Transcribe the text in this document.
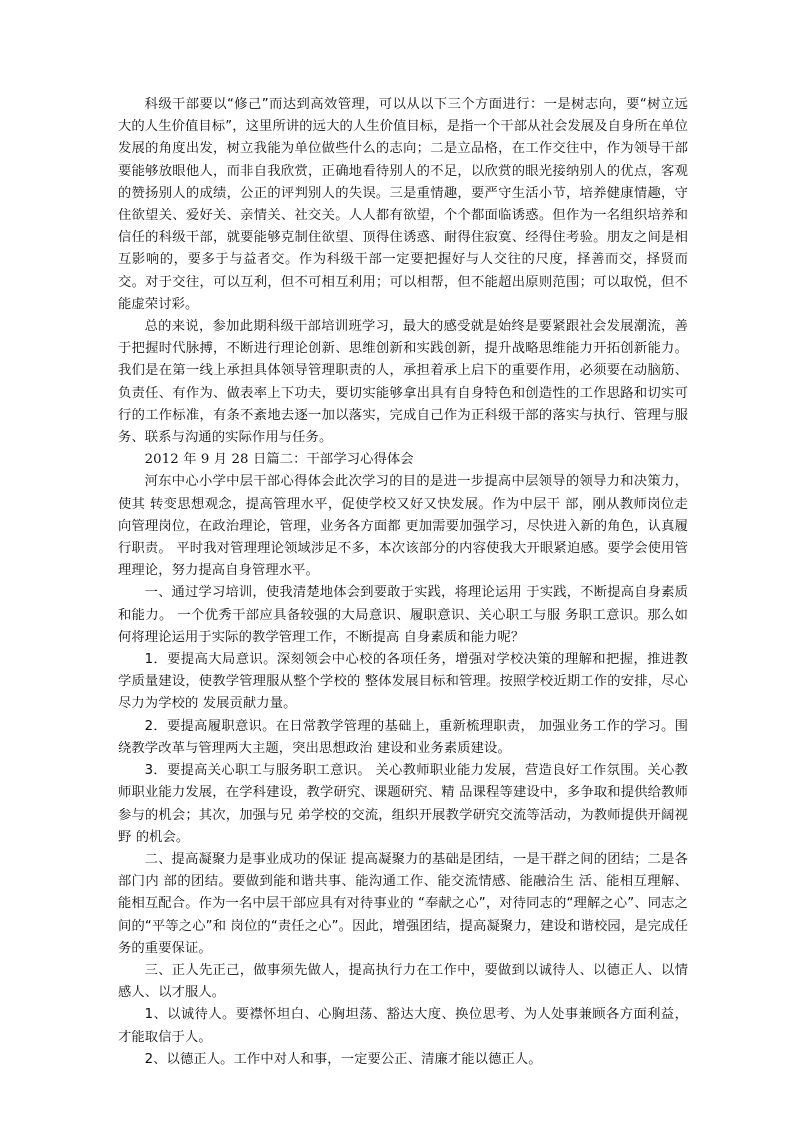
科级干部要以“修己”而达到高效管理，可以从以下三个方面进行：一是树志向，要“树立远大的人生价值目标”，这里所讲的远大的人生价值目标，是指一个干部从社会发展及自身所在单位发展的角度出发，树立我能为单位做些什么的志向；二是立品格，在工作交往中，作为领导干部要能够放眼他人，而非自我欣赏，正确地看待别人的不足，以欣赏的眼光接纳别人的优点，客观的赞扬别人的成绩，公正的评判别人的失误。三是重情趣，要严守生活小节，培养健康情趣，守住欲望关、爱好关、亲情关、社交关。人人都有欲望，个个都面临诱惑。但作为一名组织培养和信任的科级干部，就要能够克制住欲望、顶得住诱惑、耐得住寂寞、经得住考验。朋友之间是相互影响的，要多于与益者交。作为科级干部一定要把握好与人交往的尺度，择善而交，择贤而交。对于交往，可以互利，但不可相互利用；可以相帮，但不能超出原则范围；可以取悦，但不能虚荣讨彩。

总的来说，参加此期科级干部培训班学习，最大的感受就是始终是要紧跟社会发展潮流，善于把握时代脉搏，不断进行理论创新、思维创新和实践创新，提升战略思维能力开拓创新能力。我们是在第一线上承担具体领导管理职责的人，承担着承上启下的重要作用，必须要在动脑筋、负责任、有作为、做表率上下功夫，要切实能够拿出具有自身特色和创造性的工作思路和切实可行的工作标准，有条不紊地去逐一加以落实，完成自己作为正科级干部的落实与执行、管理与服务、联系与沟通的实际作用与任务。

2012 年 9 月 28 日篇二：干部学习心得体会

河东中心小学中层干部心得体会此次学习的目的是进一步提高中层领导的领导力和决策力，使其 转变思想观念，提高管理水平，促使学校又好又快发展。作为中层干 部，刚从教师岗位走向管理岗位，在政治理论，管理，业务各方面都 更加需要加强学习，尽快进入新的角色，认真履行职责。 平时我对管理理论领域涉足不多，本次该部分的内容使我大开眼紧迫感。要学会使用管理理论，努力提高自身管理水平。

一、通过学习培训，使我清楚地体会到要敢于实践，将理论运用 于实践，不断提高自身素质和能力。 一个优秀干部应具备较强的大局意识、履职意识、关心职工与服 务职工意识。那么如何将理论运用于实际的教学管理工作，不断提高 自身素质和能力呢？

1．要提高大局意识。深刻领会中心校的各项任务，增强对学校决策的理解和把握，推进教学质量建设，使教学管理服从整个学校的 整体发展目标和管理。按照学校近期工作的安排，尽心尽力为学校的 发展贡献力量。

2．要提高履职意识。在日常教学管理的基础上，重新梳理职责， 加强业务工作的学习。围绕教学改革与管理两大主题，突出思想政治 建设和业务素质建设。

3．要提高关心职工与服务职工意识。 关心教师职业能力发展，营造良好工作氛围。关心教师职业能力发展，在学科建设，教学研究、课题研究、精 品课程等建设中，多争取和提供给教师参与的机会；其次，加强与兄 弟学校的交流，组织开展教学研究交流等活动，为教师提供开阔视野 的机会。

二、提高凝聚力是事业成功的保证 提高凝聚力的基础是团结，一是干群之间的团结；二是各部门内 部的团结。要做到能和谐共事、能沟通工作、能交流情感、能融洽生 活、能相互理解、能相互配合。作为一名中层干部应具有对待事业的 “奉献之心”，对待同志的“理解之心”、同志之间的“平等之心”和 岗位的“责任之心”。因此，增强团结，提高凝聚力，建设和谐校园，是完成任务的重要保证。

三、正人先正己，做事须先做人，提高执行力在工作中，要做到以诚待人、以德正人、以情感人、以才服人。

1、以诚待人。要襟怀坦白、心胸坦荡、豁达大度、换位思考、为人处事兼顾各方面利益，才能取信于人。

2、以德正人。工作中对人和事，一定要公正、清廉才能以德正人。
